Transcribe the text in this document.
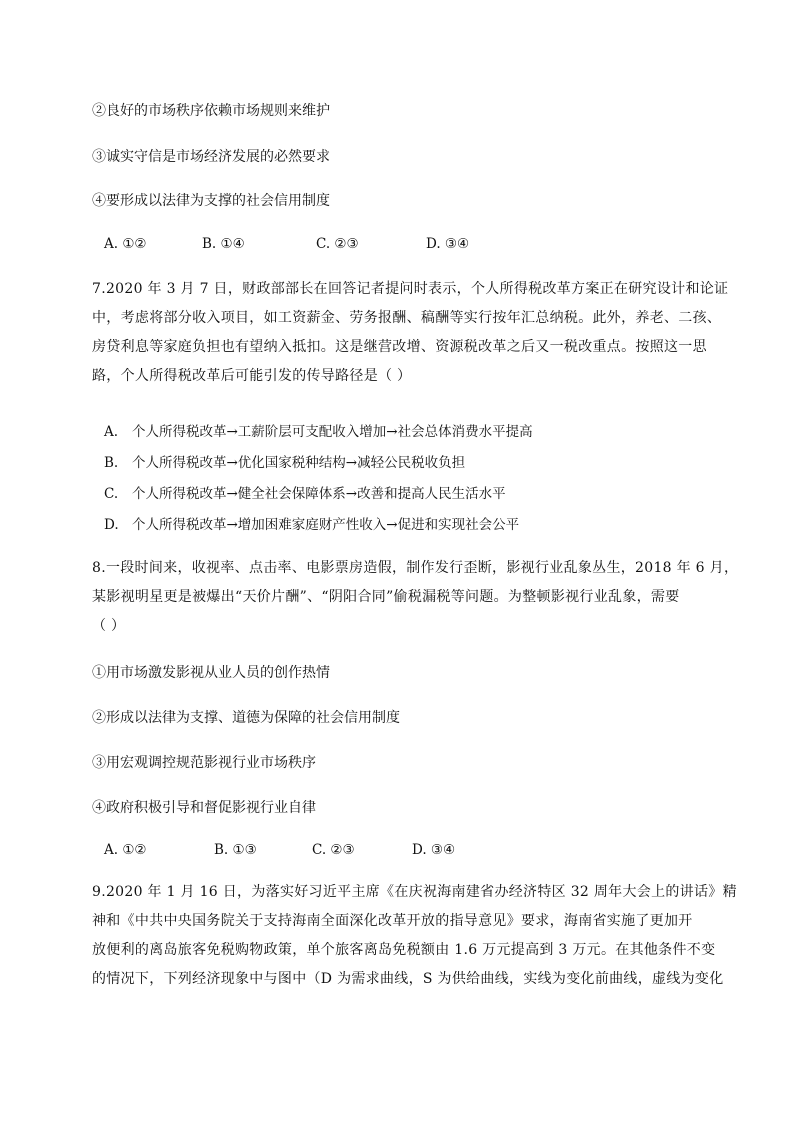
②良好的市场秩序依赖市场规则来维护
③诚实守信是市场经济发展的必然要求
④要形成以法律为支撑的社会信用制度
A. ①②	B. ①④	C. ②③	D. ③④
7.2020 年 3 月 7 日，财政部部长在回答记者提问时表示，个人所得税改革方案正在研究设计和论证
中，考虑将部分收入项目，如工资薪金、劳务报酬、稿酬等实行按年汇总纳税。此外，养老、二孩、
房贷利息等家庭负担也有望纳入抵扣。这是继营改增、资源税改革之后又一税改重点。按照这一思
路，个人所得税改革后可能引发的传导路径是（ ）
A. 个人所得税改革→工薪阶层可支配收入增加→社会总体消费水平提高
B. 个人所得税改革→优化国家税种结构→减轻公民税收负担
C. 个人所得税改革→健全社会保障体系→改善和提高人民生活水平
D. 个人所得税改革→增加困难家庭财产性收入→促进和实现社会公平
8.一段时间来，收视率、点击率、电影票房造假，制作发行歪断，影视行业乱象丛生，2018 年 6 月，
某影视明星更是被爆出“天价片酬”、“阴阳合同”偷税漏税等问题。为整顿影视行业乱象，需要
（ ）
①用市场激发影视从业人员的创作热情
②形成以法律为支撑、道德为保障的社会信用制度
③用宏观调控规范影视行业市场秩序
④政府积极引导和督促影视行业自律
A. ①②	B. ①③	C. ②③	D. ③④
9.2020 年 1 月 16 日，为落实好习近平主席《在庆祝海南建省办经济特区 32 周年大会上的讲话》精
神和《中共中央国务院关于支持海南全面深化改革开放的指导意见》要求，海南省实施了更加开
放便利的离岛旅客免税购物政策，单个旅客离岛免税额由 1.6 万元提高到 3 万元。在其他条件不变
的情况下，下列经济现象中与图中（D 为需求曲线，S 为供给曲线，实线为变化前曲线，虚线为变化
